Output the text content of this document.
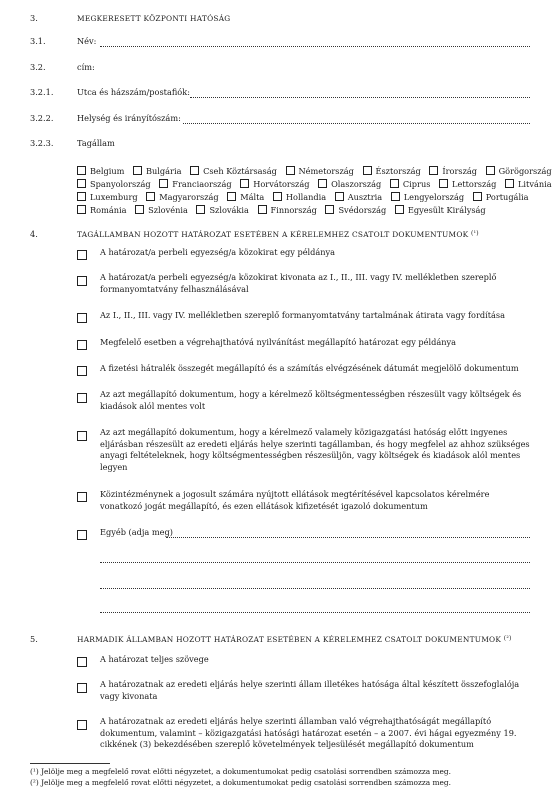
3.	MEGKERESETT KÖZPONTI HATÓSÁG
3.1.	Név:
3.2.	cím:
3.2.1.	Utca és házszám/postafiók:
3.2.2.	Helység és irányítószám:
3.2.3.	Tagállam
Belgium	Bulgária	Cseh Köztársaság	Németország	Észtország	Írország	Görögország
Spanyolország	Franciaország	Horvátország	Olaszország	Ciprus	Lettország	Litvánia
Luxemburg	Magyarország	Málta	Hollandia	Ausztria	Lengyelország	Portugália
Románia	Szlovénia	Szlovákia	Finnország	Svédország	Egyesült Királyság
4.	TAGÁLLAMBAN HOZOTT HATÁROZAT ESETÉBEN A KÉRELEMHEZ CSATOLT DOKUMENTUMOK $^{(^1)}$
A határozat/a perbeli egyezség/a közokirat egy példánya
A határozat/a perbeli egyezség/a közokirat kivonata az I., II., III. vagy IV. mellékletben szereplő formanyomtatvány felhasználásával
Az I., II., III. vagy IV. mellékletben szereplő formanyomtatvány tartalmának átirata vagy fordítása
Megfelelő esetben a végrehajthatóvá nyilvánítást megállapító határozat egy példánya
A fizetési hátralék összegét megállapító és a számítás elvégzésének dátumát megjelölő dokumentum
Az azt megállapító dokumentum, hogy a kérelmező költségmentességben részesült vagy költségek és kiadások alól mentes volt
Az azt megállapító dokumentum, hogy a kérelmező valamely közigazgatási hatóság előtt ingyenes eljárásban részesült az eredeti eljárás helye szerinti tagállamban, és hogy megfelel az ahhoz szükséges anyagi feltételeknek, hogy költségmentességben részesüljön, vagy költségek és kiadások alól mentes legyen
Közintézménynek a jogosult számára nyújtott ellátások megtérítésével kapcsolatos kérelmére vonatkozó jogát megállapító, és ezen ellátások kifizetését igazoló dokumentum
Egyéb (adja meg)
5.	HARMADIK ÁLLAMBAN HOZOTT HATÁROZAT ESETÉBEN A KÉRELEMHEZ CSATOLT DOKUMENTUMOK $^{(^2)}$
A határozat teljes szövege
A határozatnak az eredeti eljárás helye szerinti állam illetékes hatósága által készített összefoglalója vagy kivonata
A határozatnak az eredeti eljárás helye szerinti államban való végrehajthatóságát megállapító dokumentum, valamint – közigazgatási hatósági határozat esetén – a 2007. évi hágai egyezmény 19. cikkének (3) bekezdésében szereplő követelmények teljesülését megállapító dokumentum
(¹) Jelölje meg a megfelelő rovat előtti négyzetet, a dokumentumokat pedig csatolási sorrendben számozza meg.
(²) Jelölje meg a megfelelő rovat előtti négyzetet, a dokumentumokat pedig csatolási sorrendben számozza meg.
